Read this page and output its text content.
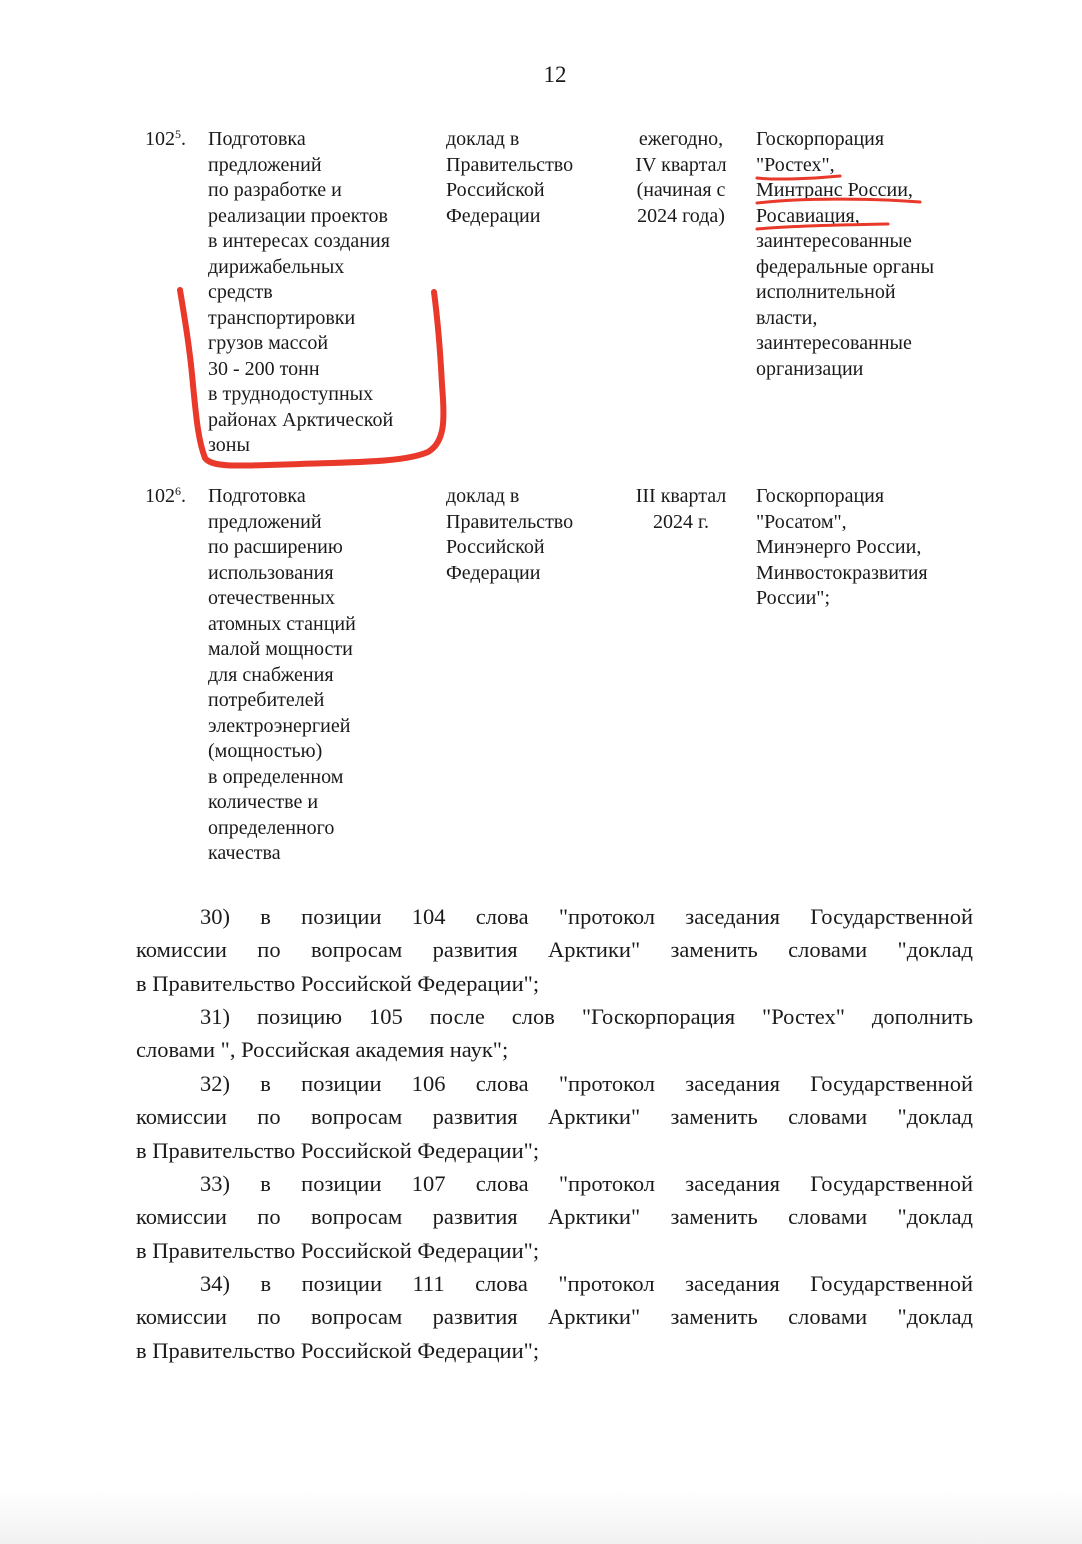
12
$102^5$. Подготовка
предложений
по разработке и
реализации проектов
в интересах создания
дирижабельных
средств
транспортировки
грузов массой
30 - 200 тонн
в труднодоступных
районах Арктической
зоны
доклад в
Правительство
Российской
Федерации
ежегодно,
IV квартал
(начиная с
2024 года)
Госкорпорация
"Ростех",
Минтранс России,
Росавиация,
заинтересованные
федеральные органы
исполнительной
власти,
заинтересованные
организации
$102^6$. Подготовка
предложений
по расширению
использования
отечественных
атомных станций
малой мощности
для снабжения
потребителей
электроэнергией
(мощностью)
в определенном
количестве и
определенного
качества
доклад в
Правительство
Российской
Федерации
III квартал
2024 г.
Госкорпорация
"Росатом",
Минэнерго России,
Минвостокразвития
России";
30) в позиции 104 слова "протокол заседания Государственной
комиссии по вопросам развития Арктики" заменить словами "доклад
в Правительство Российской Федерации";
31) позицию 105 после слов "Госкорпорация "Ростех" дополнить
словами ", Российская академия наук";
32) в позиции 106 слова "протокол заседания Государственной
комиссии по вопросам развития Арктики" заменить словами "доклад
в Правительство Российской Федерации";
33) в позиции 107 слова "протокол заседания Государственной
комиссии по вопросам развития Арктики" заменить словами "доклад
в Правительство Российской Федерации";
34) в позиции 111 слова "протокол заседания Государственной
комиссии по вопросам развития Арктики" заменить словами "доклад
в Правительство Российской Федерации";
